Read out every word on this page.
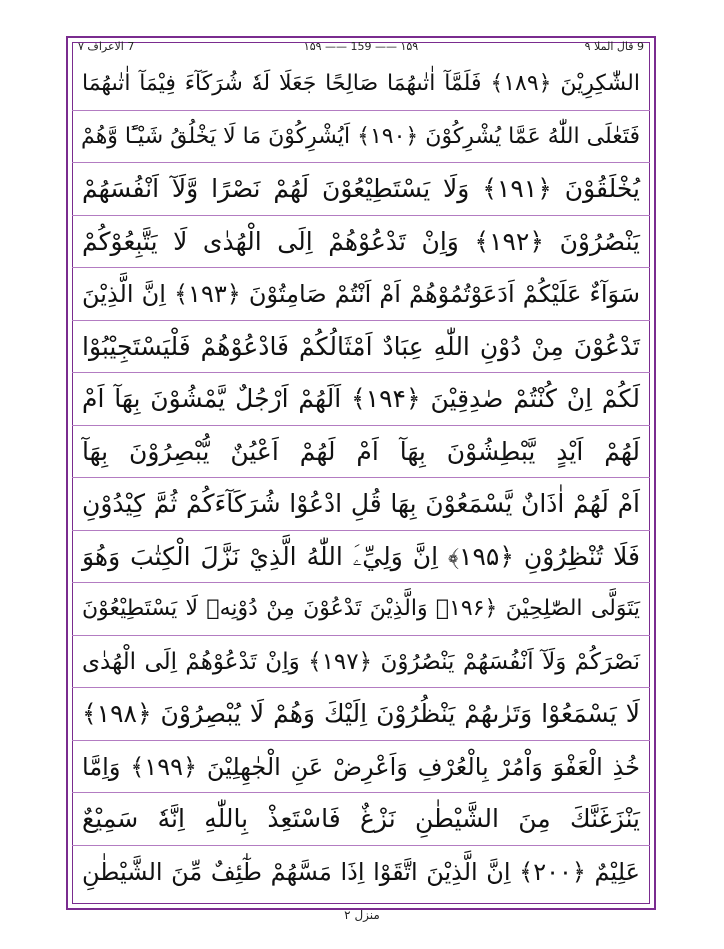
9 قال الملا ۹
۱۵۹ —— 159 —— ۱۵۹
7 الاعراف ۷
الشّٰكِرِيْنَ ﴿۱۸۹﴾ فَلَمَّآ اٰتٰىهُمَا صَالِحًا جَعَلَا لَهٗ شُرَكَآءَ فِيْمَآ اٰتٰىهُمَا
فَتَعٰلَى اللّٰهُ عَمَّا يُشْرِكُوْنَ ﴿۱۹۰﴾ اَيُشْرِكُوْنَ مَا لَا يَخْلُقُ شَيْـًٔا وَّهُمْ
يُخْلَقُوْنَ ﴿۱۹۱﴾ وَلَا يَسْتَطِيْعُوْنَ لَهُمْ نَصْرًا وَّلَآ اَنْفُسَهُمْ
يَنْصُرُوْنَ ﴿۱۹۲﴾ وَاِنْ تَدْعُوْهُمْ اِلَى الْهُدٰى لَا يَتَّبِعُوْكُمْ
سَوَآءٌ عَلَيْكُمْ اَدَعَوْتُمُوْهُمْ اَمْ اَنْتُمْ صَامِتُوْنَ ﴿۱۹۳﴾ اِنَّ الَّذِيْنَ
تَدْعُوْنَ مِنْ دُوْنِ اللّٰهِ عِبَادٌ اَمْثَالُكُمْ فَادْعُوْهُمْ فَلْيَسْتَجِيْبُوْا
لَكُمْ اِنْ كُنْتُمْ صٰدِقِيْنَ ﴿۱۹۴﴾ اَلَهُمْ اَرْجُلٌ يَّمْشُوْنَ بِهَآ اَمْ
لَهُمْ اَيْدٍ يَّبْطِشُوْنَ بِهَآ اَمْ لَهُمْ اَعْيُنٌ يُّبْصِرُوْنَ بِهَآ
اَمْ لَهُمْ اٰذَانٌ يَّسْمَعُوْنَ بِهَا قُلِ ادْعُوْا شُرَكَآءَكُمْ ثُمَّ كِيْدُوْنِ
فَلَا تُنْظِرُوْنِ ﴿۱۹۵﴾ اِنَّ وَلِيِّۦَ اللّٰهُ الَّذِيْ نَزَّلَ الْكِتٰبَ وَهُوَ
يَتَوَلَّى الصّٰلِحِيْنَ ﴿۱۹۶﴾ وَالَّذِيْنَ تَدْعُوْنَ مِنْ دُوْنِهٖ لَا يَسْتَطِيْعُوْنَ
نَصْرَكُمْ وَلَآ اَنْفُسَهُمْ يَنْصُرُوْنَ ﴿۱۹۷﴾ وَاِنْ تَدْعُوْهُمْ اِلَى الْهُدٰى
لَا يَسْمَعُوْا وَتَرٰىهُمْ يَنْظُرُوْنَ اِلَيْكَ وَهُمْ لَا يُبْصِرُوْنَ ﴿۱۹۸﴾
خُذِ الْعَفْوَ وَاْمُرْ بِالْعُرْفِ وَاَعْرِضْ عَنِ الْجٰهِلِيْنَ ﴿۱۹۹﴾ وَاِمَّا
يَنْزَغَنَّكَ مِنَ الشَّيْطٰنِ نَزْغٌ فَاسْتَعِذْ بِاللّٰهِ اِنَّهٗ سَمِيْعٌ
عَلِيْمٌ ﴿۲۰۰﴾ اِنَّ الَّذِيْنَ اتَّقَوْا اِذَا مَسَّهُمْ طٰٓئِفٌ مِّنَ الشَّيْطٰنِ
منزل ۲
